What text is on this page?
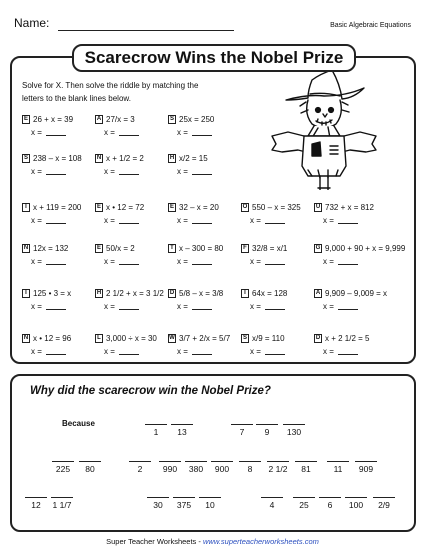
Name:	Basic Algebraic Equations
Scarecrow Wins the Nobel Prize
Solve for X. Then solve the riddle by matching the letters to the blank lines below.
E 26 + x = 39
x =
A 27/x = 3
x =
S 25x = 250
x =
S 238 – x = 108
x =
N x + 1/2 = 2
x =
H x/2 = 15
x =
I x + 119 = 200
x =
E x • 12 = 72
x =
E 32 – x = 20
x =
O 550 – x = 325
x =
U 732 + x = 812
x =
N 12x = 132
x =
E 50/x = 2
x =
T x – 300 = 80
x =
F 32/8 = x/1
x =
G 9,000 + 90 + x = 9,999
x =
I 125 • 3 = x
x =
H 2 1/2 + x = 3 1/2
x =
D 5/8 – x = 3/8
x =
I 64x = 128
x =
A 9,909 – 9,009 = x
x =
N x • 12 = 96
x =
L 3,000 ÷ x = 30
x =
W 3/7 + 2/x = 5/7
x =
S x/9 = 110
x =
D x + 2 1/2 = 5
x =
Why did the scarecrow win the Nobel Prize?
Because
1	13	7	9	130
225	80	2	990	380	900	8	2 1/2	81	11	909
12	1 1/7	30	375	10	4	25	6	100	2/9
Super Teacher Worksheets - www.superteacherworksheets.com
